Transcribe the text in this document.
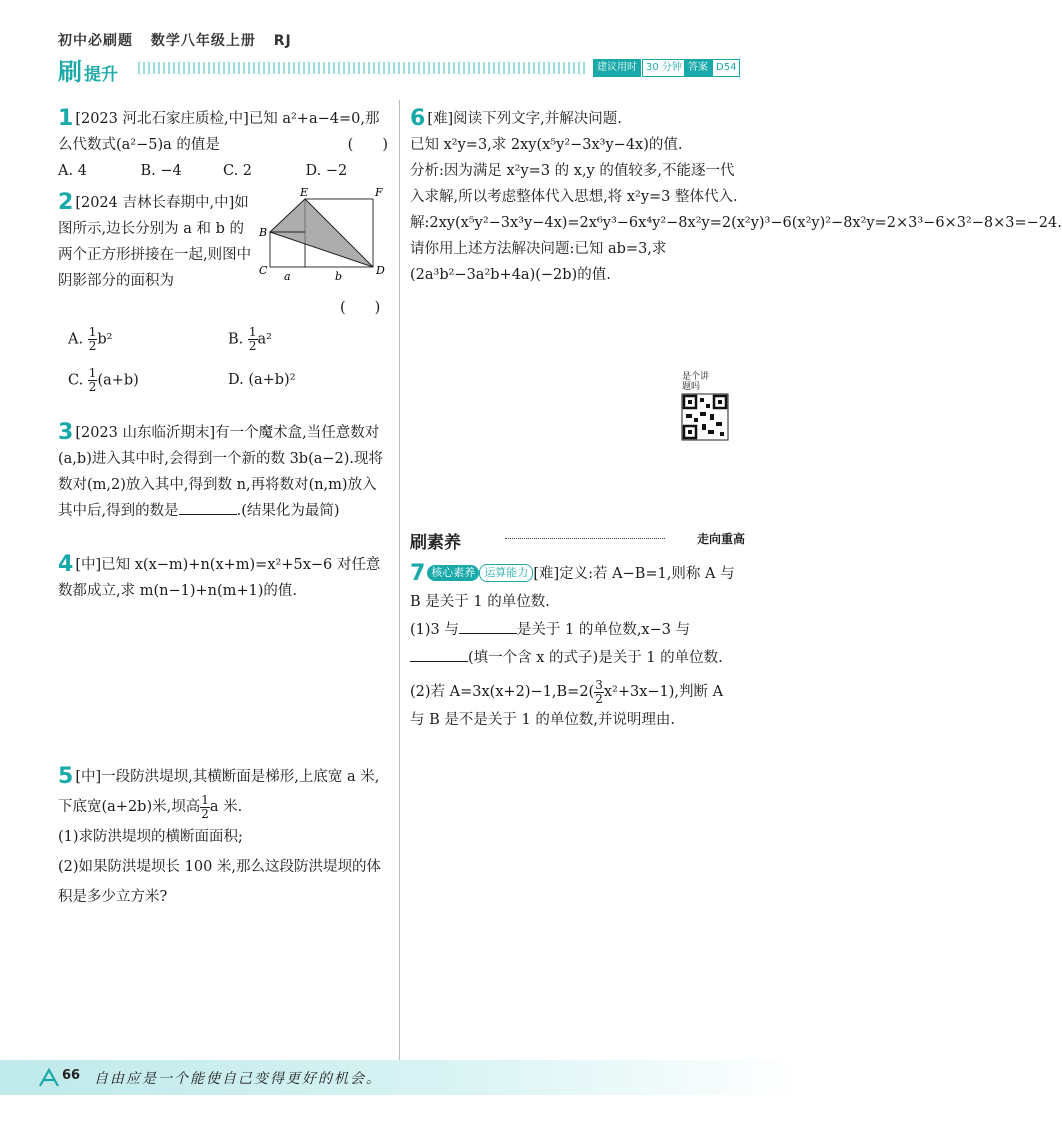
初中必刷题 数学八年级上册 RJ
刷 提升	建议用时 30 分钟 答案 D54
1 [2023 河北石家庄质检,中]已知 a²+a−4=0,那么代数式(a²−5)a 的值是	(　　)
A. 4	B. −4	C. 2	D. −2
2 [2024 吉林长春期中,中]如图所示,边长分别为 a 和 b 的两个正方形拼接在一起,则图中阴影部分的面积为
(　　)
B
C	D
E	F
a	b
A. $\frac{1}{2} b^2$	B. $\frac{1}{2} a^2$
C. $\frac{1}{2} (a+b)$	D. (a+b)²
3 [2023 山东临沂期末]有一个魔术盒,当任意数对(a,b)进入其中时,会得到一个新的数 3b(a−2).现将数对(m,2)放入其中,得到数 n,再将数对(n,m)放入其中后,得到的数是	.(结果化为最简)
4 [中]已知 x(x−m)+n(x+m)=x²+5x−6 对任意数都成立,求 m(n−1)+n(m+1)的值.
5 [中]一段防洪堤坝,其横断面是梯形,上底宽 a 米,下底宽(a+2b)米,坝高 $\frac{1}{2}$ a 米.
(1)求防洪堤坝的横断面面积;
(2)如果防洪堤坝长 100 米,那么这段防洪堤坝的体积是多少立方米?
6 [难]阅读下列文字,并解决问题.
已知 x²y=3,求 2xy(x⁵y²−3x³y−4x)的值.
分析:因为满足 x²y=3 的 x,y 的值较多,不能逐一代入求解,所以考虑整体代入思想,将 x²y=3 整体代入.
解:2xy(x⁵y²−3x³y−4x)=2x⁶y³−6x⁴y²−8x²y=2(x²y)³−6(x²y)²−8x²y=2×3³−6×3²−8×3=−24.
请你用上述方法解决问题:已知 ab=3,求(2a³b²−3a²b+4a)(−2b)的值.
是个讲题吗
刷素养	走向重高
7 核心素养 运算能力 [难]定义:若 A−B=1,则称 A 与 B 是关于 1 的单位数.
(1)3 与	是关于 1 的单位数,x−3 与 (填一个含 x 的式子)是关于 1 的单位数.
(2)若 $A=3x(x+2)-1,B=2( \frac{3}{2} x^2+3x-1)$,判断 A 与 B 是不是关于 1 的单位数,并说明理由.
66 自由应是一个能使自己变得更好的机会。
